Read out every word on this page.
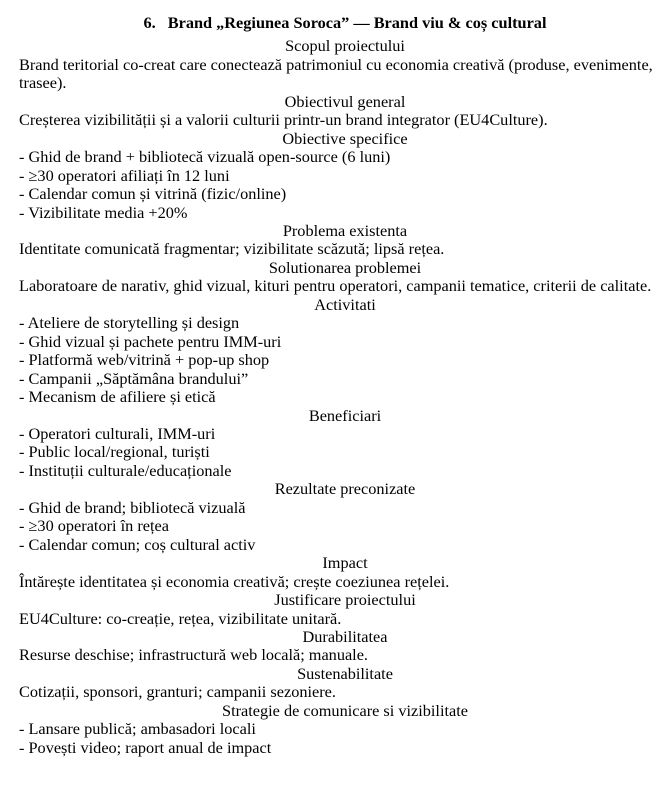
6. Brand „Regiunea Soroca” — Brand viu & coș cultural
Scopul proiectului
Brand teritorial co-creat care conectează patrimoniul cu economia creativă (produse, evenimente,
trasee).
Obiectivul general
Creșterea vizibilității și a valorii culturii printr-un brand integrator (EU4Culture).
Obiective specifice
- Ghid de brand + bibliotecă vizuală open-source (6 luni)
- ≥30 operatori afiliați în 12 luni
- Calendar comun și vitrină (fizic/online)
- Vizibilitate media +20%
Problema existenta
Identitate comunicată fragmentar; vizibilitate scăzută; lipsă rețea.
Solutionarea problemei
Laboratoare de narativ, ghid vizual, kituri pentru operatori, campanii tematice, criterii de calitate.
Activitati
- Ateliere de storytelling și design
- Ghid vizual și pachete pentru IMM-uri
- Platformă web/vitrină + pop-up shop
- Campanii „Săptămâna brandului”
- Mecanism de afiliere și etică
Beneficiari
- Operatori culturali, IMM-uri
- Public local/regional, turiști
- Instituții culturale/educaționale
Rezultate preconizate
- Ghid de brand; bibliotecă vizuală
- ≥30 operatori în rețea
- Calendar comun; coș cultural activ
Impact
Întărește identitatea și economia creativă; crește coeziunea rețelei.
Justificare proiectului
EU4Culture: co-creație, rețea, vizibilitate unitară.
Durabilitatea
Resurse deschise; infrastructură web locală; manuale.
Sustenabilitate
Cotizații, sponsori, granturi; campanii sezoniere.
Strategie de comunicare si vizibilitate
- Lansare publică; ambasadori locali
- Povești video; raport anual de impact
